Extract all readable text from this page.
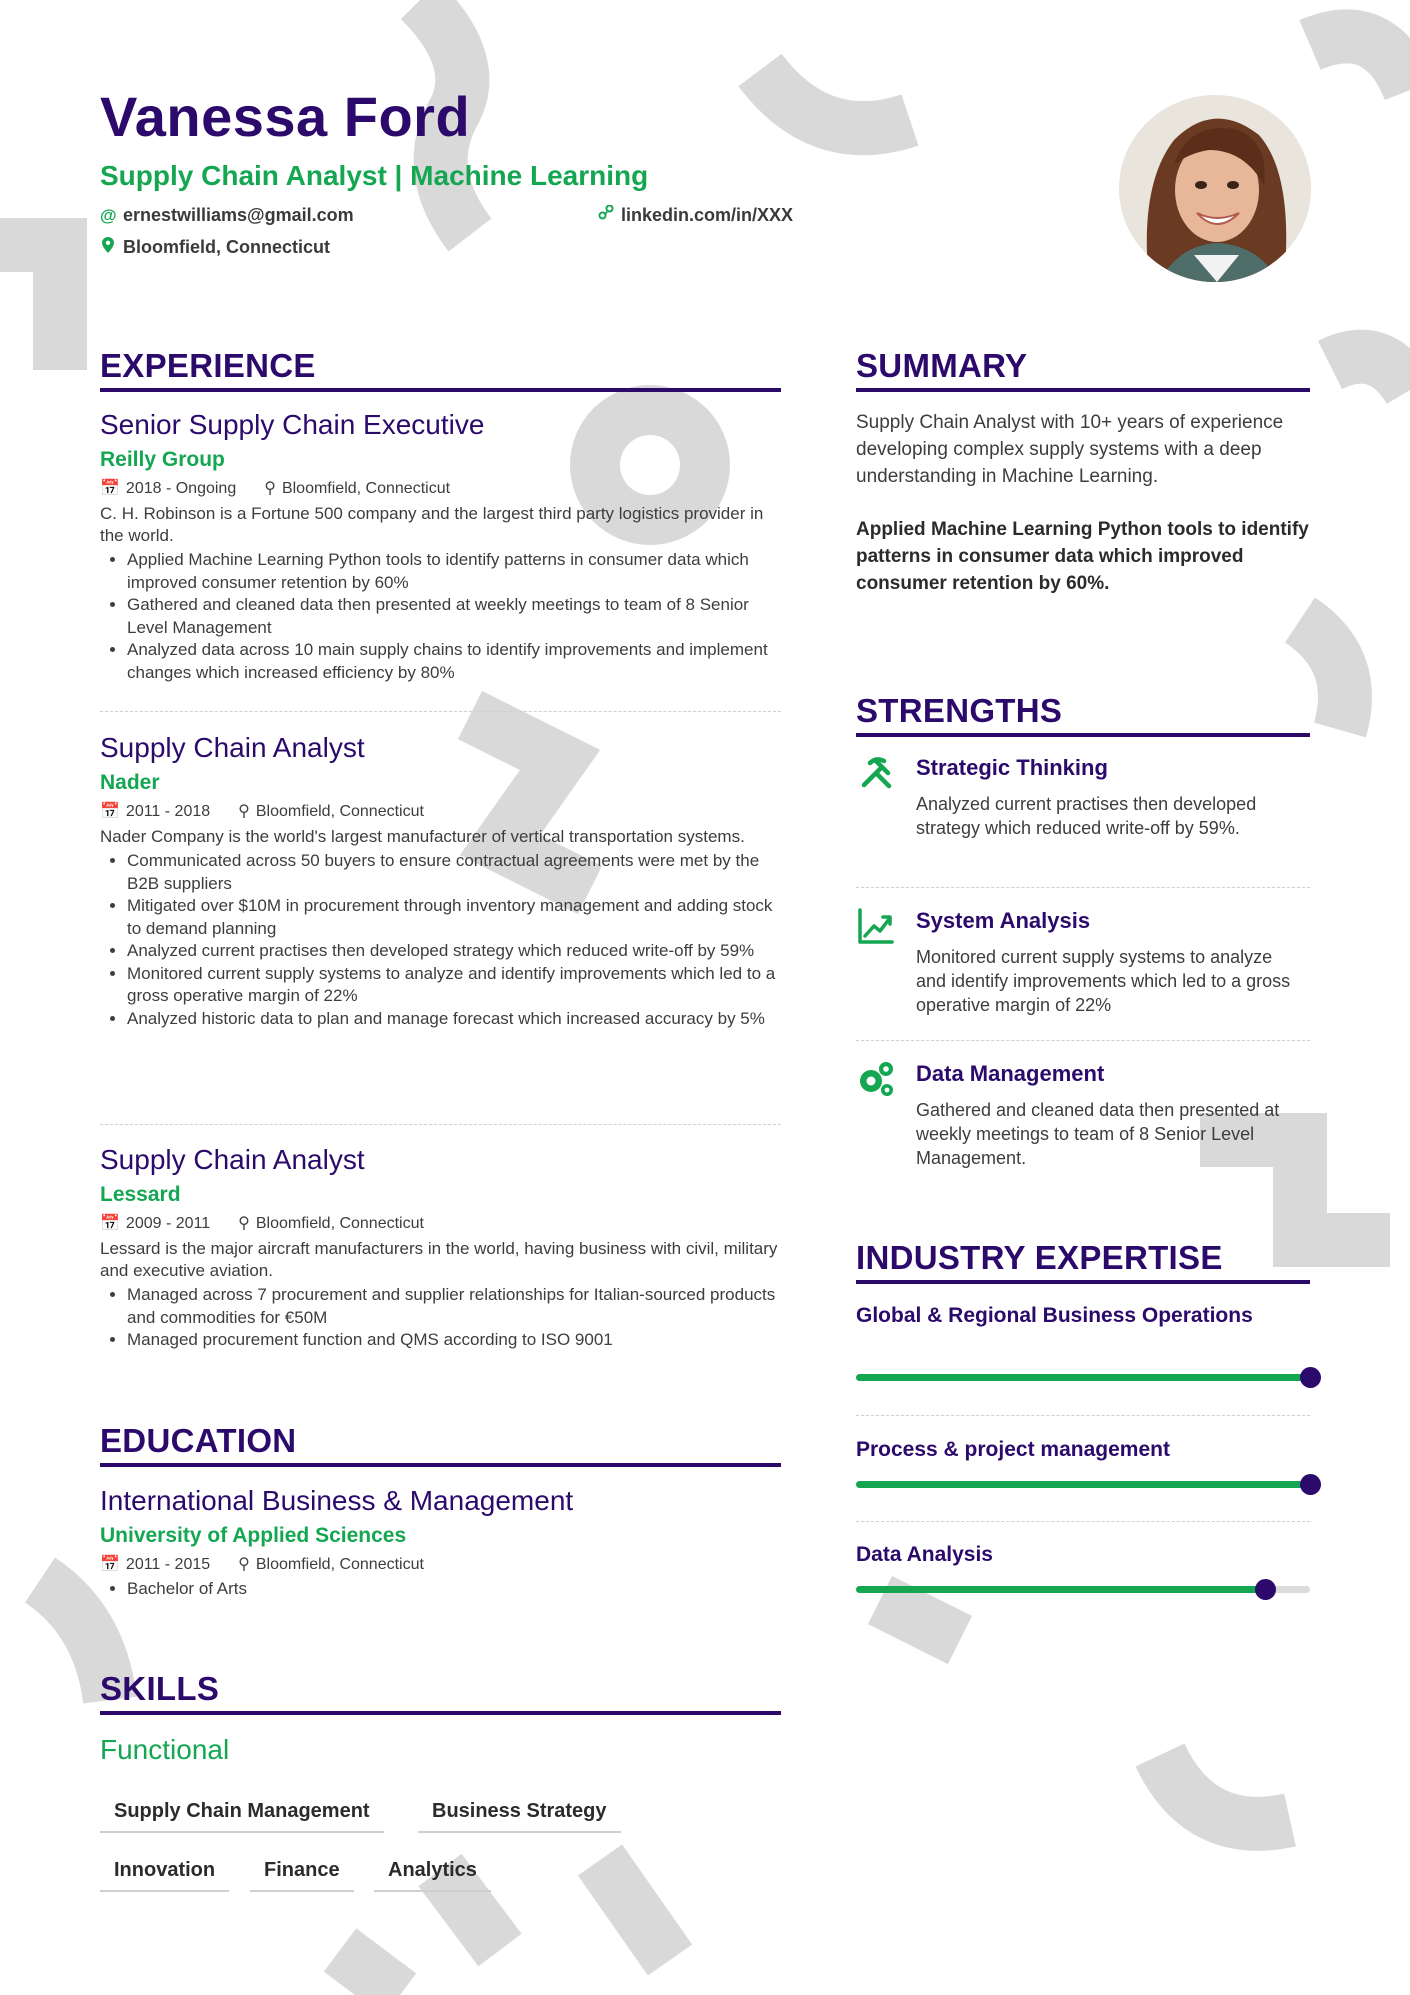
Vanessa Ford
Supply Chain Analyst | Machine Learning
@ ernestwilliams@gmail.com	linkedin.com/in/XXX
Bloomfield, Connecticut
EXPERIENCE
Senior Supply Chain Executive
Reilly Group
📅 2018 - Ongoing ⚲ Bloomfield, Connecticut
C. H. Robinson is a Fortune 500 company and the largest third party logistics provider in the world.
• Applied Machine Learning Python tools to identify patterns in consumer data which improved consumer retention by 60%
• Gathered and cleaned data then presented at weekly meetings to team of 8 Senior Level Management
• Analyzed data across 10 main supply chains to identify improvements and implement changes which increased efficiency by 80%
Supply Chain Analyst
Nader
📅 2011 - 2018 ⚲ Bloomfield, Connecticut
Nader Company is the world's largest manufacturer of vertical transportation systems.
• Communicated across 50 buyers to ensure contractual agreements were met by the B2B suppliers
• Mitigated over $10M in procurement through inventory management and adding stock to demand planning
• Analyzed current practises then developed strategy which reduced write-off by 59%
• Monitored current supply systems to analyze and identify improvements which led to a gross operative margin of 22%
• Analyzed historic data to plan and manage forecast which increased accuracy by 5%
Supply Chain Analyst
Lessard
📅 2009 - 2011 ⚲ Bloomfield, Connecticut
Lessard is the major aircraft manufacturers in the world, having business with civil, military and executive aviation.
• Managed across 7 procurement and supplier relationships for Italian-sourced products and commodities for €50M
• Managed procurement function and QMS according to ISO 9001
EDUCATION
International Business & Management
University of Applied Sciences
📅 2011 - 2015 ⚲ Bloomfield, Connecticut
• Bachelor of Arts
SKILLS
Functional
Supply Chain Management	Business Strategy
Innovation	Finance	Analytics
SUMMARY
Supply Chain Analyst with 10+ years of experience developing complex supply systems with a deep understanding in Machine Learning.
Applied Machine Learning Python tools to identify patterns in consumer data which improved consumer retention by 60%.
STRENGTHS
Strategic Thinking
Analyzed current practises then developed strategy which reduced write-off by 59%.
System Analysis
Monitored current supply systems to analyze and identify improvements which led to a gross operative margin of 22%
Data Management
Gathered and cleaned data then presented at weekly meetings to team of 8 Senior Level Management.
INDUSTRY EXPERTISE
Global & Regional Business Operations
Process & project management
Data Analysis
